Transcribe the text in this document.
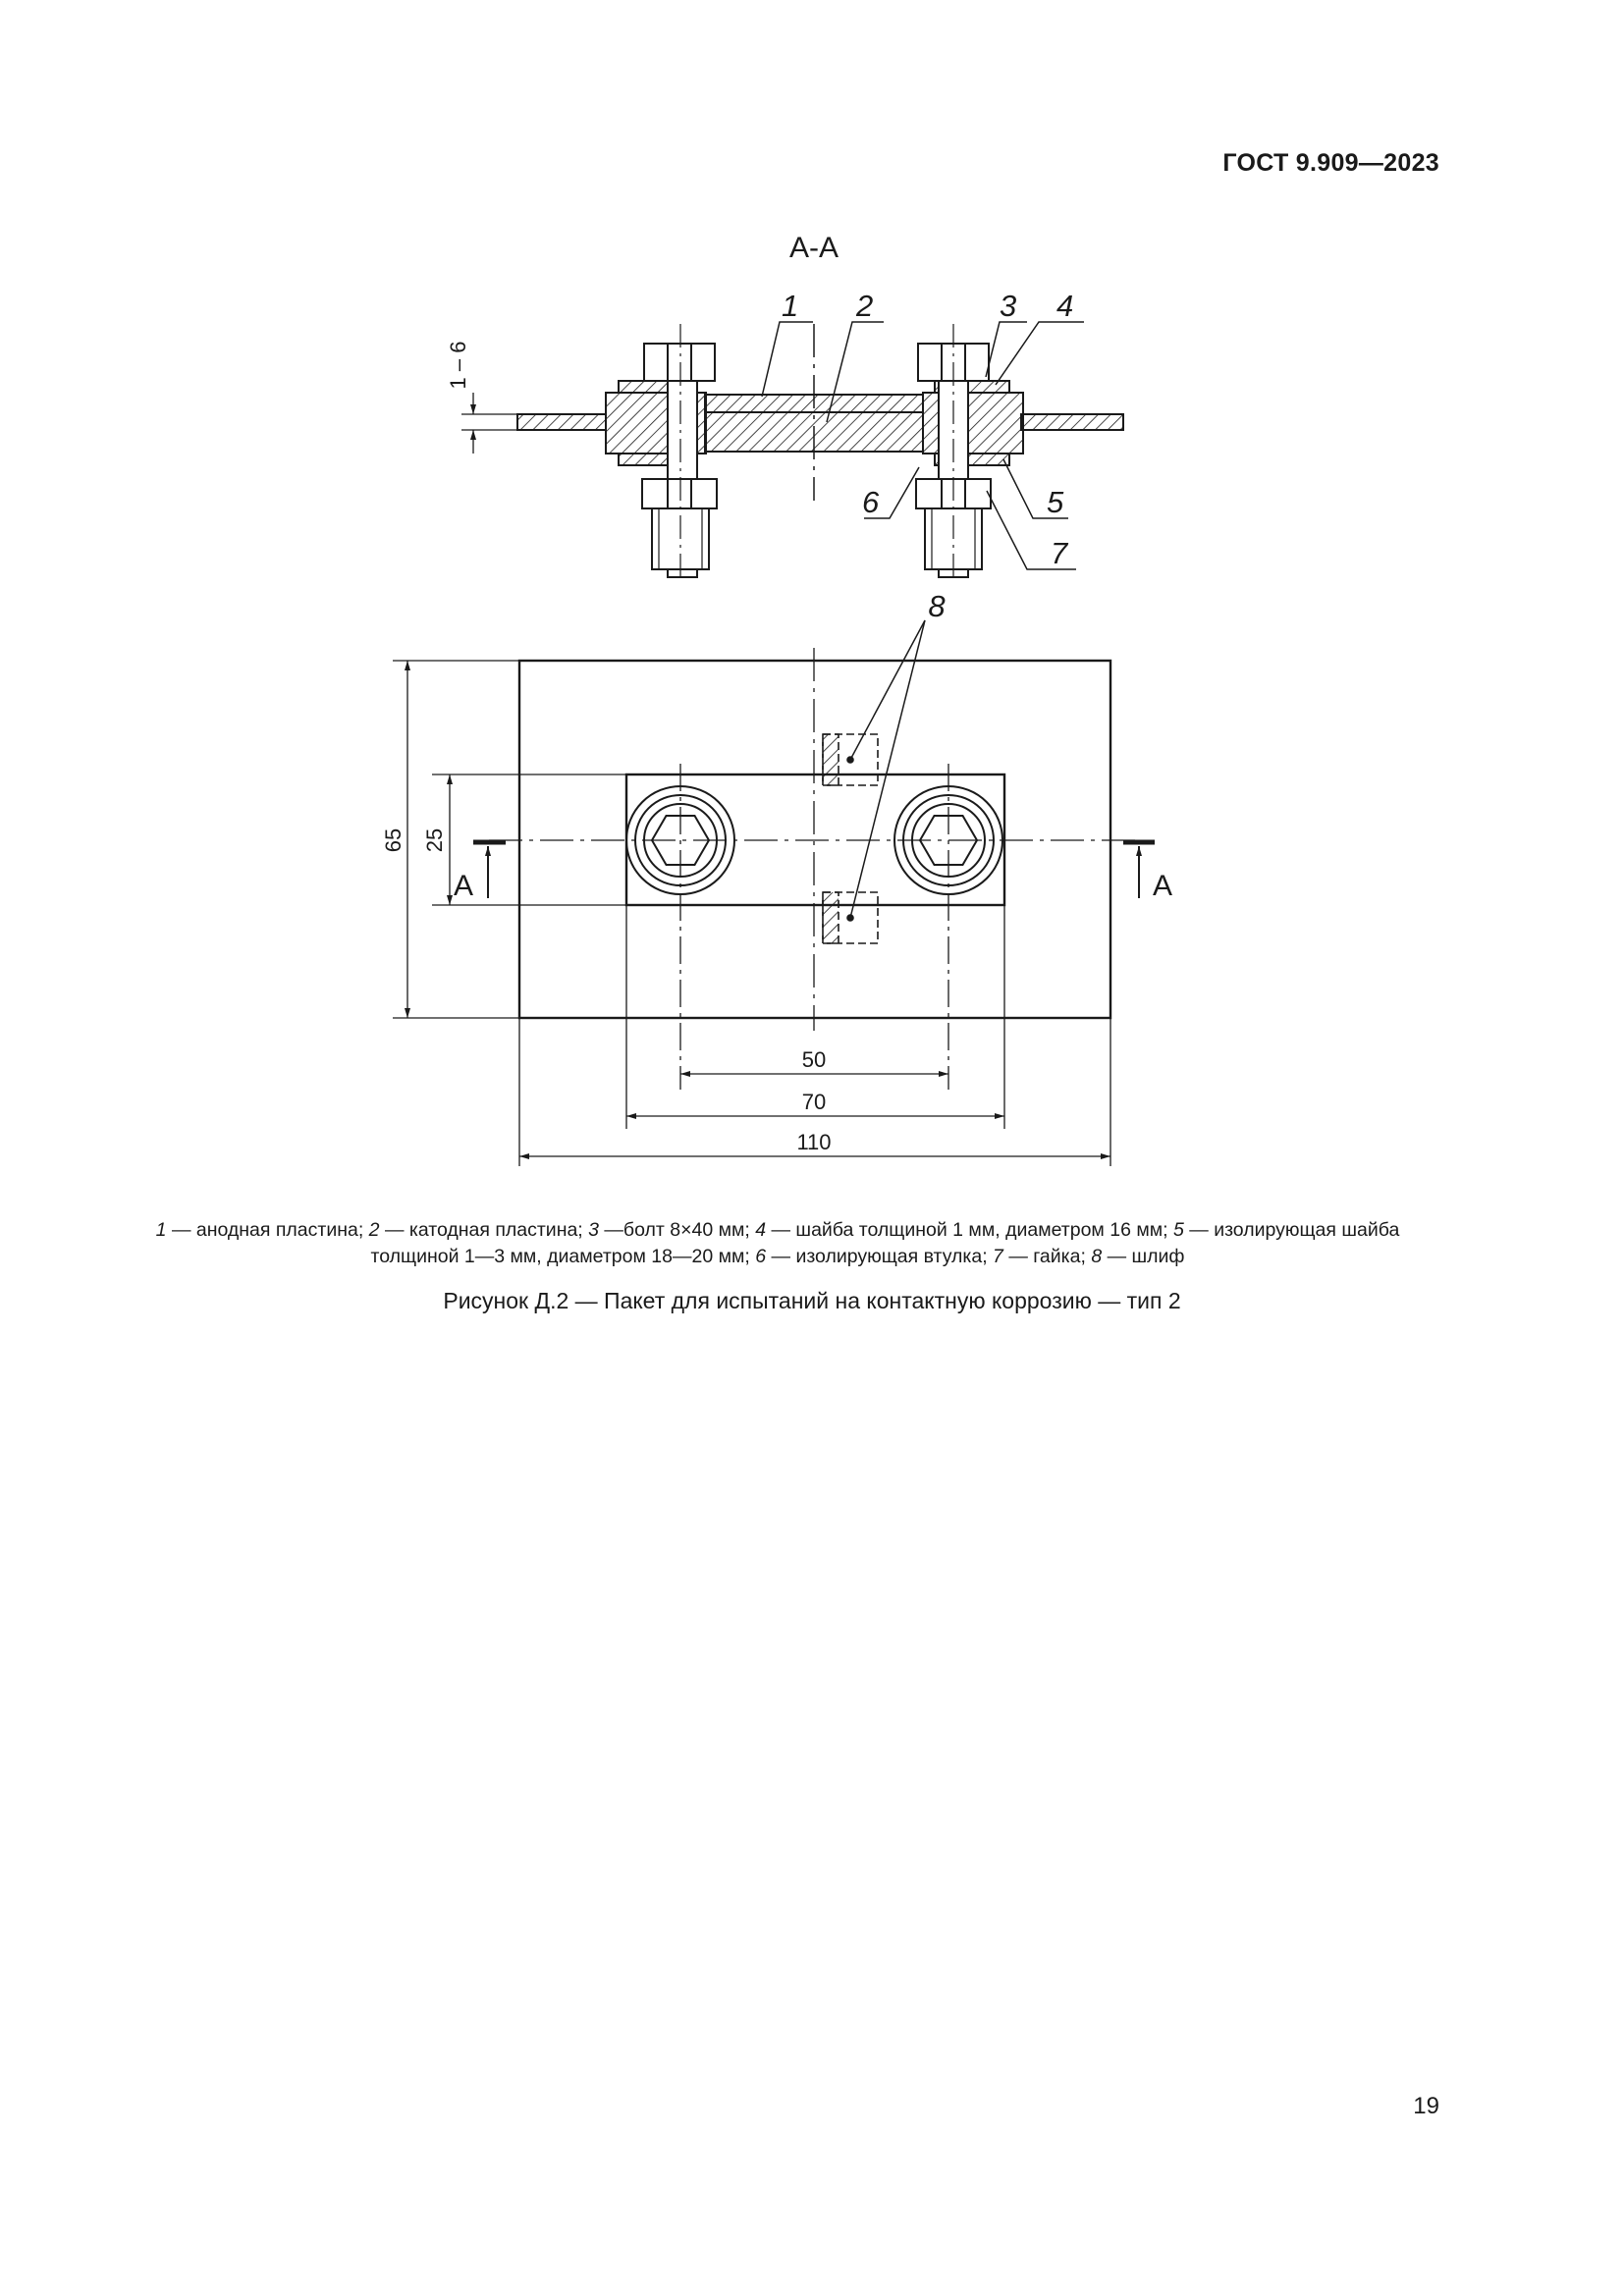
ГОСТ 9.909—2023
А-А
1 2	3 4
6	5
7
1 – 6
8
А	А
65 25
50
70
110
1 — анодная пластина; 2 — катодная пластина; 3 —болт 8×40 мм; 4 — шайба толщиной 1 мм, диаметром 16 мм; 5 — изолирующая шайба толщиной 1—3 мм, диаметром 18—20 мм; 6 — изолирующая втулка; 7 — гайка; 8 — шлиф
Рисунок Д.2 — Пакет для испытаний на контактную коррозию — тип 2
19
